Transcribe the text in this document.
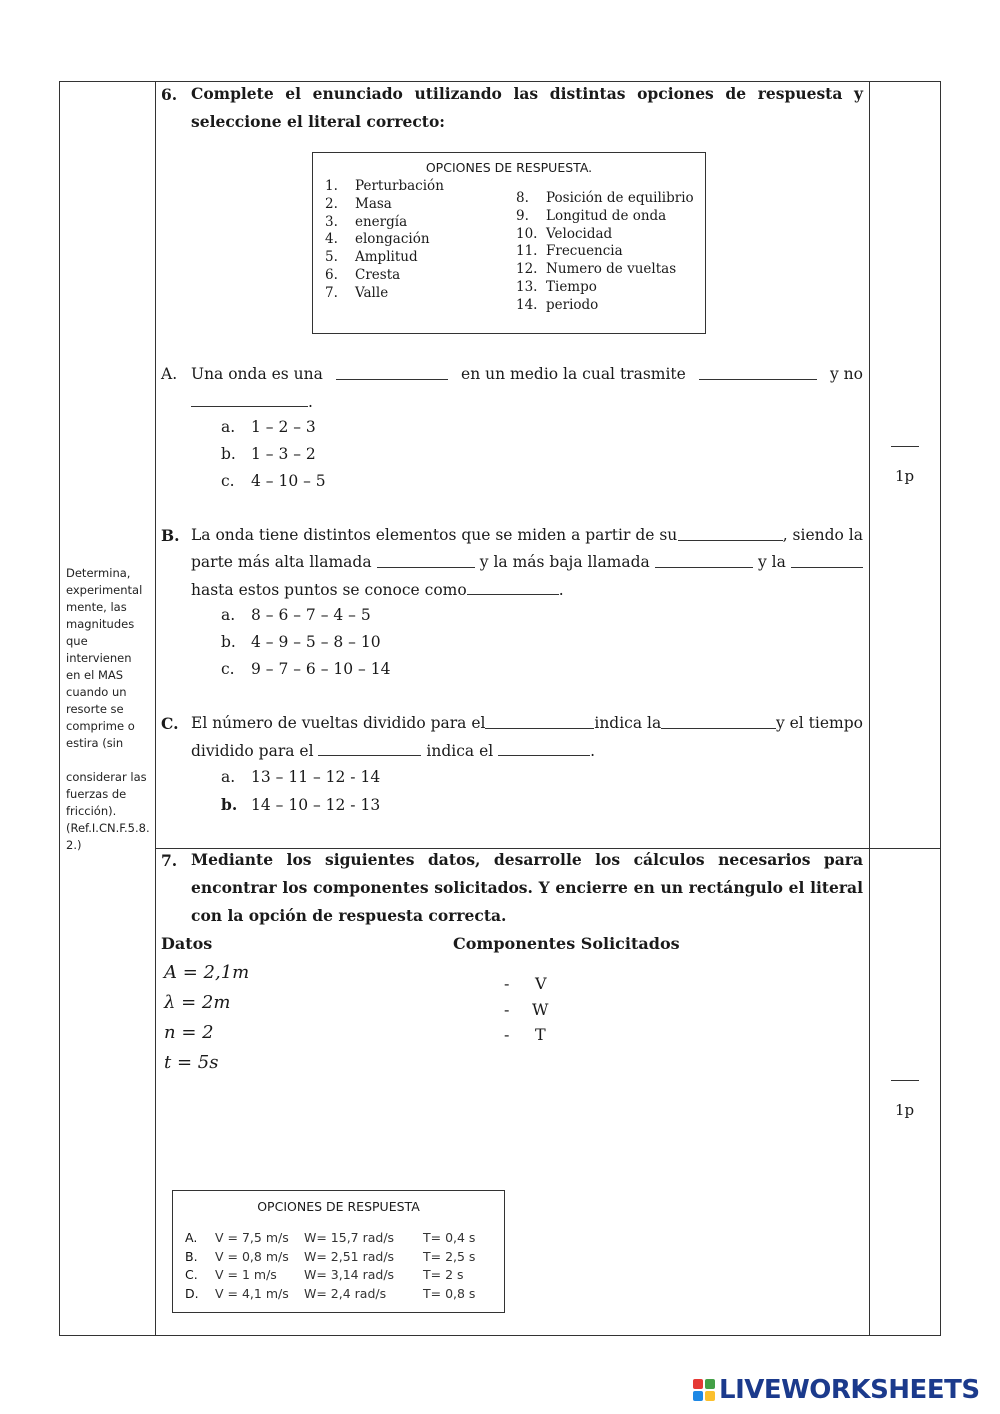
Determina,

experimental

mente, las

magnitudes

que

intervienen

en el MAS

cuando un

resorte se

comprime o

estira (sin

considerar las

fuerzas de

fricción).

(Ref.I.CN.F.5.8.

2.)

6. Complete el enunciado utilizando las distintas opciones de respuesta y seleccione el literal correcto:
OPCIONES DE RESPUESTA.
1.	Perturbación
2.	Masa
3.	energía
4.	elongación
5.	Amplitud
6.	Cresta
7.	Valle
8.	Posición de equilibrio
9.	Longitud de onda
10. Velocidad
11. Frecuencia
12. Numero de vueltas
13. Tiempo
14. periodo
A. Una onda es una	en un medio la cual trasmite	y no
.
a. 1 – 2 – 3
b. 1 – 3 – 2
c. 4 – 10 – 5
B. La onda tiene distintos elementos que se miden a partir de su	, siendo la
parte más alta llamada	y la más baja llamada	y la
hasta estos puntos se conoce como	.
a. 8 – 6 – 7 – 4 – 5
b. 4 – 9 – 5 – 8 – 10
c. 9 – 7 – 6 – 10 – 14
C. El número de vueltas dividido para el	indica la	y el tiempo
dividido para el	indica el	.
a. 13 – 11 – 12 - 14
b. 14 – 10 – 12 - 13
1p
7. Mediante los siguientes datos, desarrolle los cálculos necesarios para encontrar los componentes solicitados. Y encierre en un rectángulo el literal con la opción de respuesta correcta.
Datos	Componentes Solicitados
A = 2,1m
λ = 2m
n = 2
t = 5s
- V
- W
- T
OPCIONES DE RESPUESTA
A.	V = 7,5 m/s	W= 15,7 rad/s	T= 0,4 s
B.	V = 0,8 m/s	W= 2,51 rad/s	T= 2,5 s
C.	V = 1 m/s	W= 3,14 rad/s	T= 2 s
D.	V = 4,1 m/s	W= 2,4 rad/s	T= 0,8 s
1p
LIVEWORKSHEETS
